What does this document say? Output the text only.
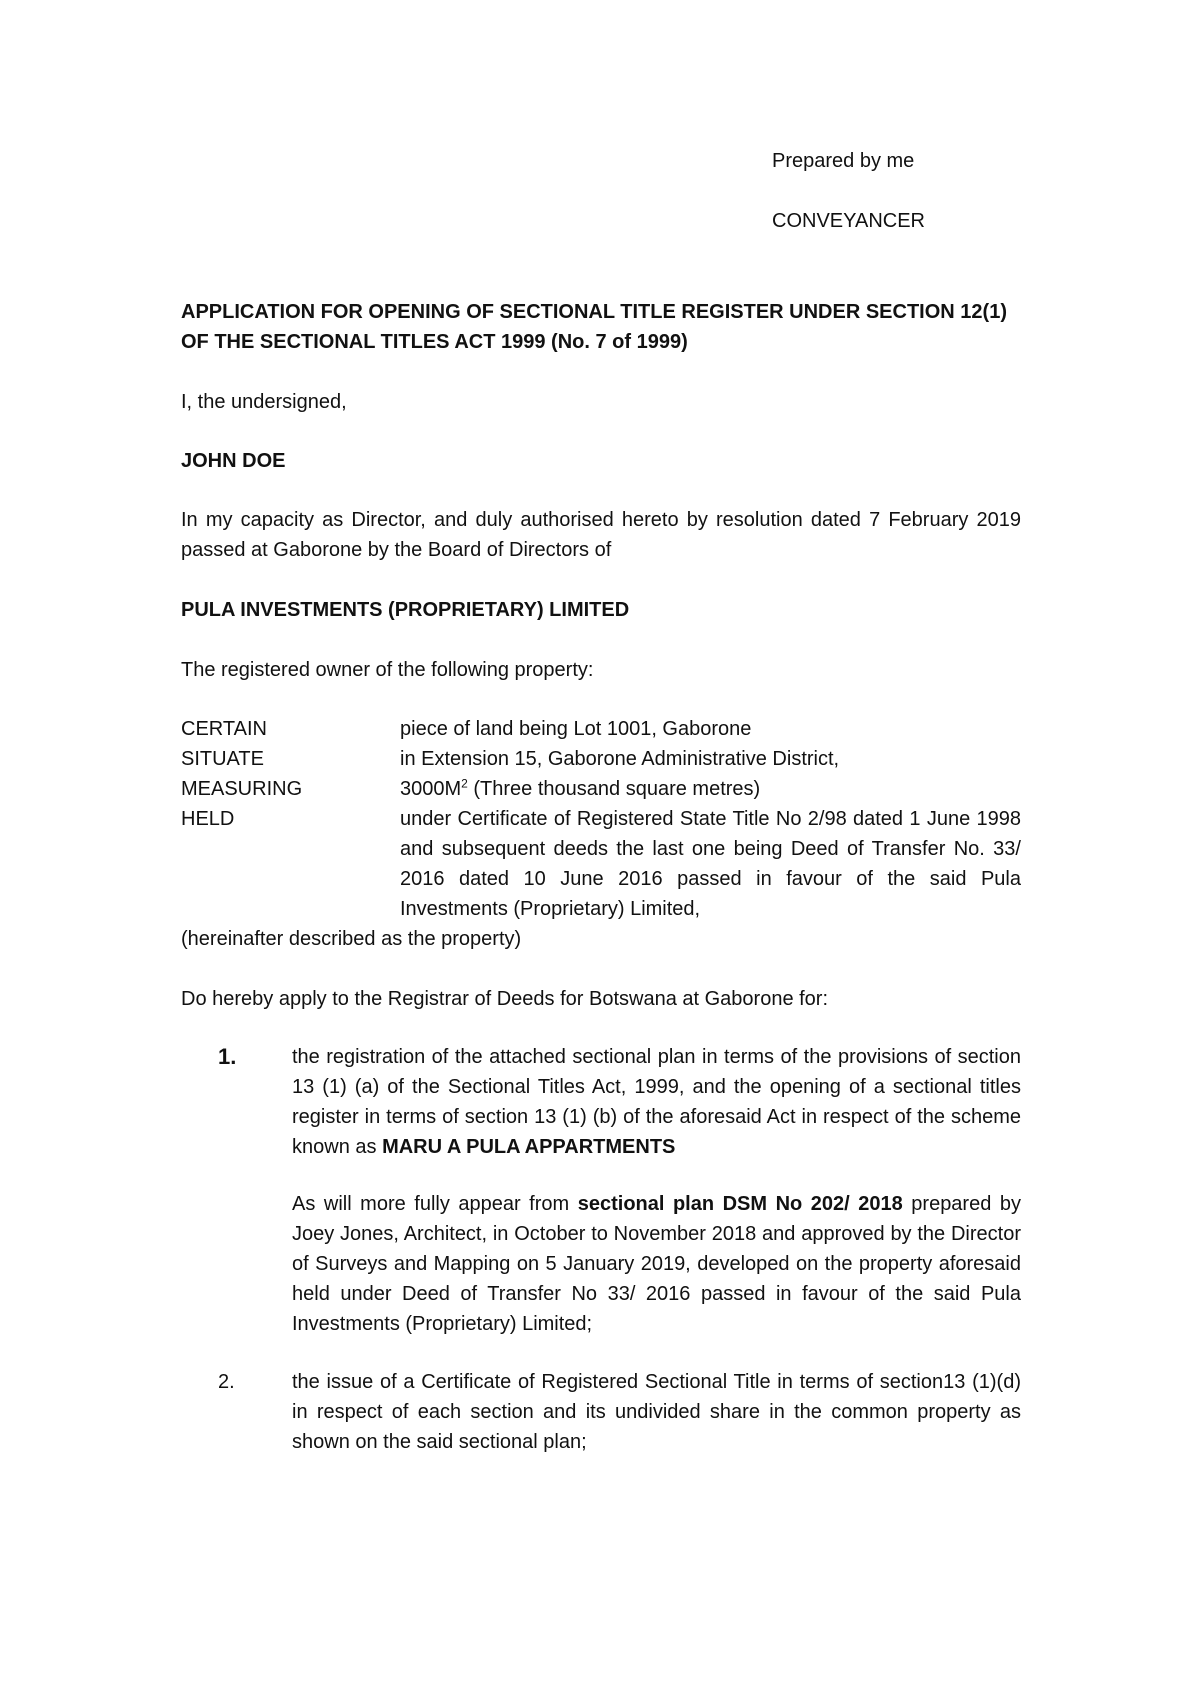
Prepared by me
CONVEYANCER
APPLICATION FOR OPENING OF SECTIONAL TITLE REGISTER UNDER SECTION 12(1)
OF THE SECTIONAL TITLES ACT 1999 (No. 7 of 1999)
I, the undersigned,
JOHN DOE
In my capacity as Director, and duly authorised hereto by resolution dated 7 February 2019 passed at Gaborone by the Board of Directors of
PULA INVESTMENTS (PROPRIETARY) LIMITED
The registered owner of the following property:
CERTAIN	piece of land being Lot 1001, Gaborone
SITUATE	in Extension 15, Gaborone Administrative District,
MEASURING	$3000M^2$ (Three thousand square metres)
HELD	under Certificate of Registered State Title No 2/98 dated 1 June 1998 and subsequent deeds the last one being Deed of Transfer No. 33/ 2016 dated 10 June 2016 passed in favour of the said Pula Investments (Proprietary) Limited,
(hereinafter described as the property)
Do hereby apply to the Registrar of Deeds for Botswana at Gaborone for:
1.	the registration of the attached sectional plan in terms of the provisions of section 13 (1) (a) of the Sectional Titles Act, 1999, and the opening of a sectional titles register in terms of section 13 (1) (b) of the aforesaid Act in respect of the scheme known as MARU A PULA APPARTMENTS
As will more fully appear from sectional plan DSM No 202/ 2018 prepared by Joey Jones, Architect, in October to November 2018 and approved by the Director of Surveys and Mapping on 5 January 2019, developed on the property aforesaid held under Deed of Transfer No 33/ 2016 passed in favour of the said Pula Investments (Proprietary) Limited;
2.	the issue of a Certificate of Registered Sectional Title in terms of section13 (1)(d) in respect of each section and its undivided share in the common property as shown on the said sectional plan;
